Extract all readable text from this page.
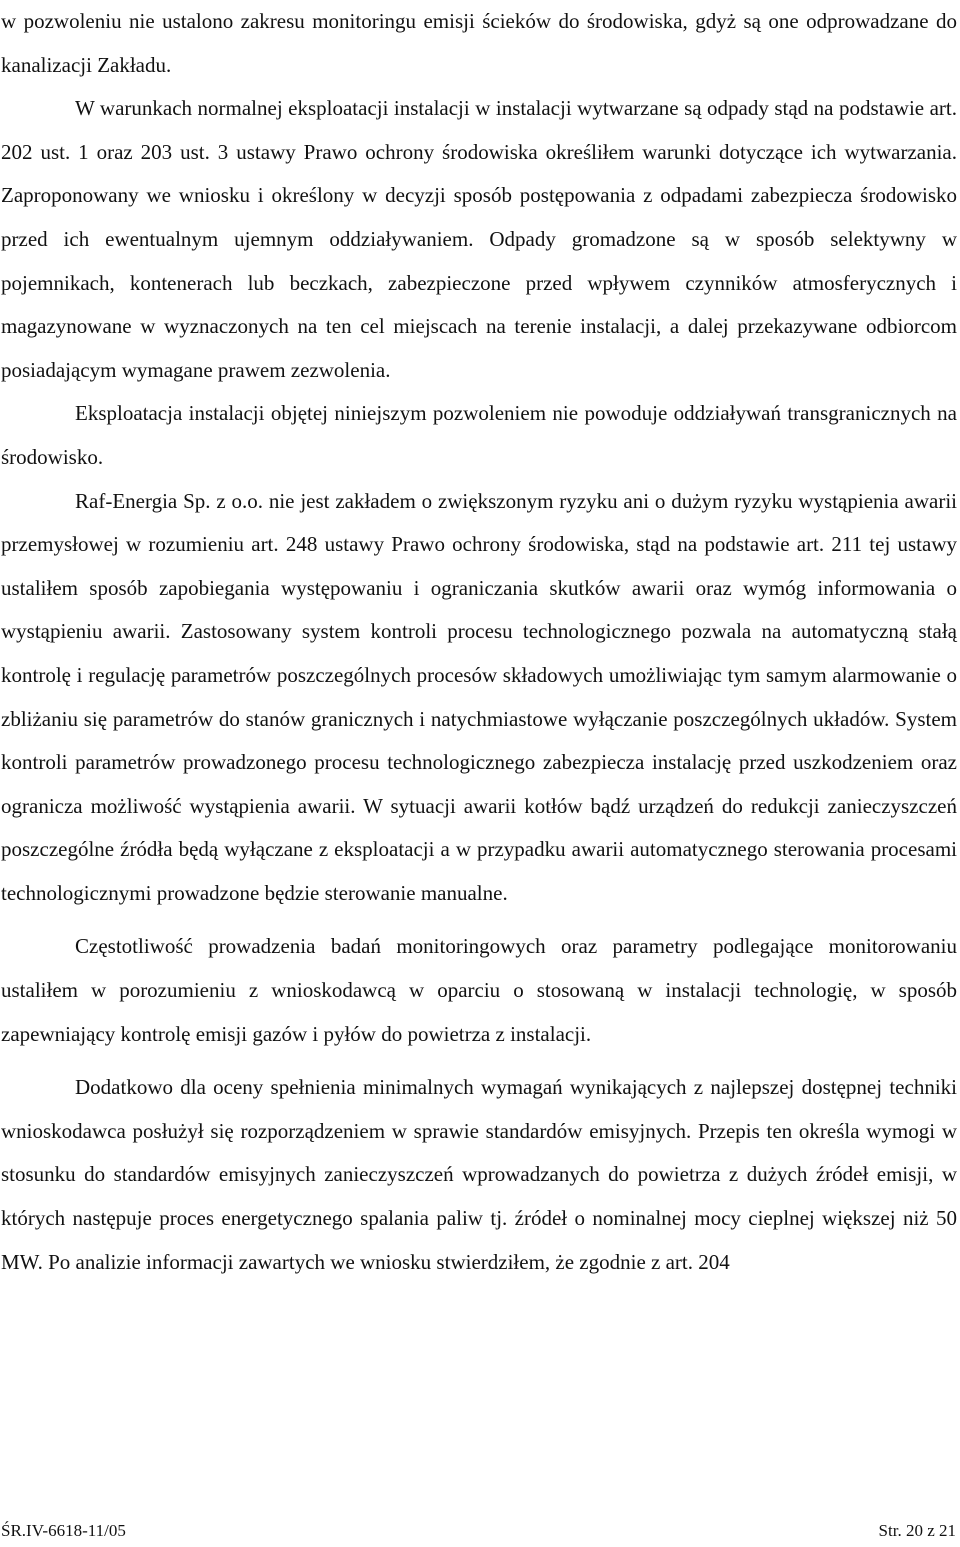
w pozwoleniu nie ustalono zakresu monitoringu emisji ścieków do środowiska, gdyż są one odprowadzane do kanalizacji Zakładu.

W warunkach normalnej eksploatacji instalacji w instalacji wytwarzane są odpady stąd na podstawie art. 202 ust. 1 oraz 203 ust. 3 ustawy Prawo ochrony środowiska określiłem warunki dotyczące ich wytwarzania. Zaproponowany we wniosku i określony w decyzji sposób postępowania z odpadami zabezpiecza środowisko przed ich ewentualnym ujemnym oddziaływaniem. Odpady gromadzone są w sposób selektywny w pojemnikach, kontenerach lub beczkach, zabezpieczone przed wpływem czynników atmosferycznych i magazynowane w wyznaczonych na ten cel miejscach na terenie instalacji, a dalej przekazywane odbiorcom posiadającym wymagane prawem zezwolenia.

Eksploatacja instalacji objętej niniejszym pozwoleniem nie powoduje oddziaływań transgranicznych na środowisko.

Raf-Energia Sp. z o.o. nie jest zakładem o zwiększonym ryzyku ani o dużym ryzyku wystąpienia awarii przemysłowej w rozumieniu art. 248 ustawy Prawo ochrony środowiska, stąd na podstawie art. 211 tej ustawy ustaliłem sposób zapobiegania występowaniu i ograniczania skutków awarii oraz wymóg informowania o wystąpieniu awarii. Zastosowany system kontroli procesu technologicznego pozwala na automatyczną stałą kontrolę i regulację parametrów poszczególnych procesów składowych umożliwiając tym samym alarmowanie o zbliżaniu się parametrów do stanów granicznych i natychmiastowe wyłączanie poszczególnych układów. System kontroli parametrów prowadzonego procesu technologicznego zabezpiecza instalację przed uszkodzeniem oraz ogranicza możliwość wystąpienia awarii. W sytuacji awarii kotłów bądź urządzeń do redukcji zanieczyszczeń poszczególne źródła będą wyłączane z eksploatacji a w przypadku awarii automatycznego sterowania procesami technologicznymi prowadzone będzie sterowanie manualne.

Częstotliwość prowadzenia badań monitoringowych oraz parametry podlegające monitorowaniu ustaliłem w porozumieniu z wnioskodawcą w oparciu o stosowaną w instalacji technologię, w sposób zapewniający kontrolę emisji gazów i pyłów do powietrza z instalacji.

Dodatkowo dla oceny spełnienia minimalnych wymagań wynikających z najlepszej dostępnej techniki wnioskodawca posłużył się rozporządzeniem w sprawie standardów emisyjnych. Przepis ten określa wymogi w stosunku do standardów emisyjnych zanieczyszczeń wprowadzanych do powietrza z dużych źródeł emisji, w których następuje proces energetycznego spalania paliw tj. źródeł o nominalnej mocy cieplnej większej niż 50 MW. Po analizie informacji zawartych we wniosku stwierdziłem, że zgodnie z art. 204

ŚR.IV-6618-11/05	Str. 20 z 21
